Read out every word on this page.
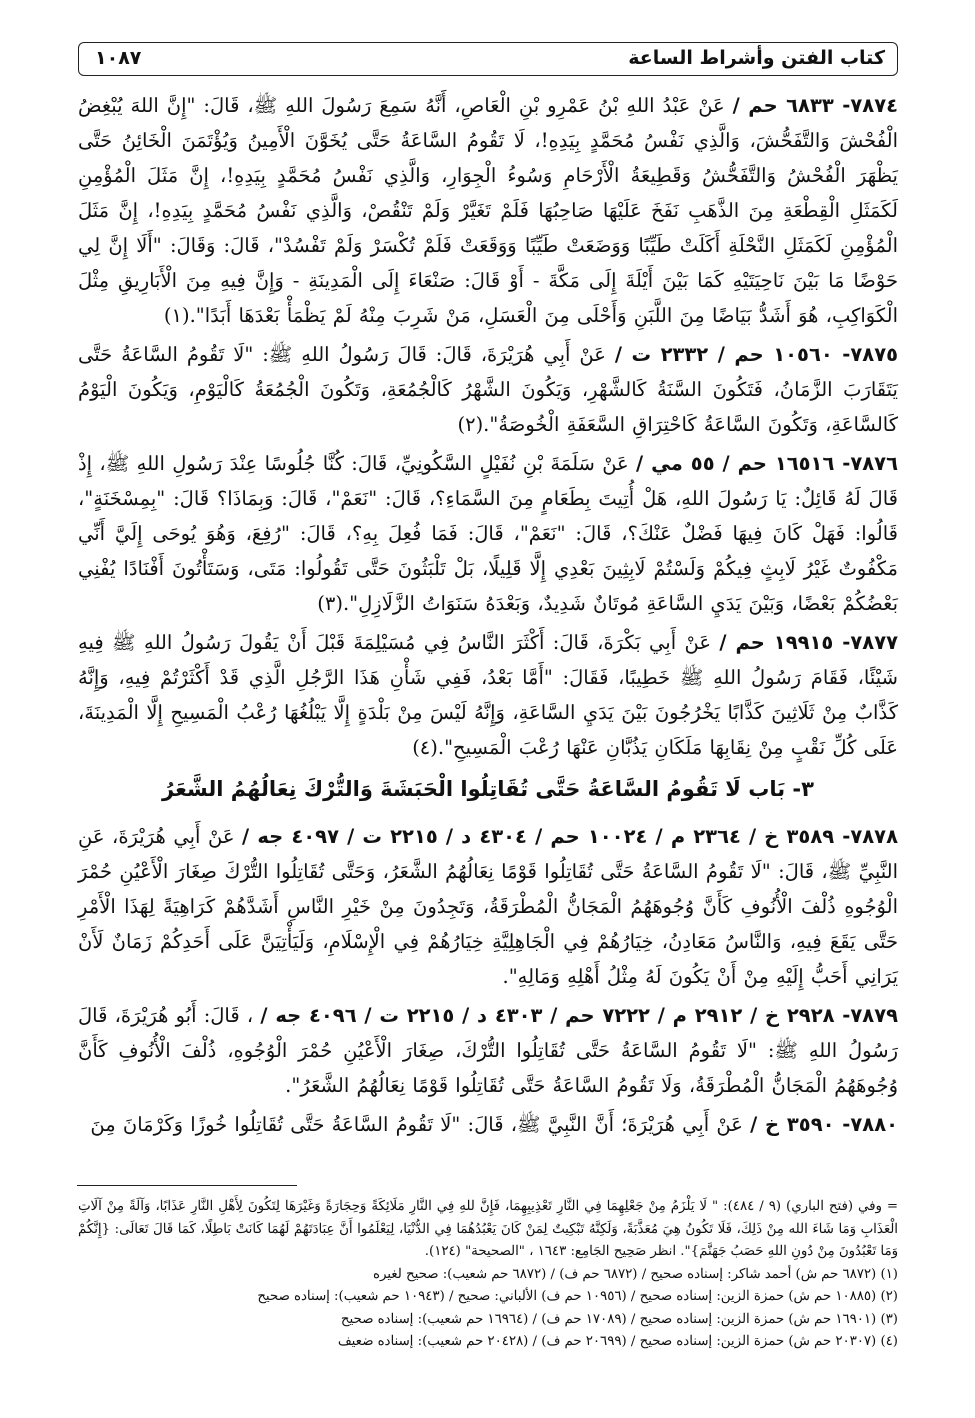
كتاب الفتن وأشراط الساعة
١٠٨٧

٧٨٧٤- ٦٨٣٣ حم / عَنْ عَبْدُ اللهِ بْنُ عَمْرِو بْنِ الْعَاصِ، أَنَّهُ سَمِعَ رَسُولَ اللهِ ﷺ، قَالَ: "إِنَّ اللهَ يُبْغِضُ الْفُحْشَ وَالتَّفَحُّشَ، وَالَّذِي نَفْسُ مُحَمَّدٍ بِيَدِهِ!، لَا تَقُومُ السَّاعَةُ حَتَّى يُخَوَّنَ الْأَمِينُ وَيُؤْتَمَنَ الْخَائِنُ حَتَّى يَظْهَرَ الْفُحْشُ وَالتَّفَحُّشُ وَقَطِيعَةُ الْأَرْحَامِ وَسُوءُ الْجِوَارِ، وَالَّذِي نَفْسُ مُحَمَّدٍ بِيَدِهِ!، إِنَّ مَثَلَ الْمُؤْمِنِ لَكَمَثَلِ الْقِطْعَةِ مِنَ الذَّهَبِ نَفَخَ عَلَيْهَا صَاحِبُهَا فَلَمْ تَغَيَّرْ وَلَمْ تَنْقُصْ، وَالَّذِي نَفْسُ مُحَمَّدٍ بِيَدِهِ!، إِنَّ مَثَلَ الْمُؤْمِنِ لَكَمَثَلِ النَّحْلَةِ أَكَلَتْ طَيِّبًا وَوَضَعَتْ طَيِّبًا وَوَقَعَتْ فَلَمْ تُكْسَرْ وَلَمْ تَفْسُدْ"، قَالَ: وَقَالَ: "أَلَا إِنَّ لِي حَوْضًا مَا بَيْنَ نَاحِيَتَيْهِ كَمَا بَيْنَ أَيْلَةَ إِلَى مَكَّةَ - أَوْ قَالَ: صَنْعَاءَ إِلَى الْمَدِينَةِ - وَإِنَّ فِيهِ مِنَ الْأَبَارِيقِ مِثْلَ الْكَوَاكِبِ، هُوَ أَشَدُّ بَيَاضًا مِنَ اللَّبَنِ وَأَحْلَى مِنَ الْعَسَلِ، مَنْ شَرِبَ مِنْهُ لَمْ يَظْمَأْ بَعْدَهَا أَبَدًا".(١)

٧٨٧٥- ١٠٥٦٠ حم / ٢٣٣٢ ت / عَنْ أَبِي هُرَيْرَةَ، قَالَ: قَالَ رَسُولُ اللهِ ﷺ: "لَا تَقُومُ السَّاعَةُ حَتَّى يَتَقَارَبَ الزَّمَانُ، فَتَكُونَ السَّنَةُ كَالشَّهْرِ، وَيَكُونَ الشَّهْرُ كَالْجُمُعَةِ، وَتَكُونَ الْجُمُعَةُ كَالْيَوْمِ، وَيَكُونَ الْيَوْمُ كَالسَّاعَةِ، وَتَكُونَ السَّاعَةُ كَاحْتِرَاقِ السَّعَفَةِ الْخُوصَةُ".(٢)

٧٨٧٦- ١٦٥١٦ حم / ٥٥ مي / عَنْ سَلَمَةَ بْنِ نُفَيْلٍ السَّكُونِيِّ، قَالَ: كُنَّا جُلُوسًا عِنْدَ رَسُولِ اللهِ ﷺ، إِذْ قَالَ لَهُ قَائِلٌ: يَا رَسُولَ اللهِ، هَلْ أُتِيتَ بِطَعَامٍ مِنَ السَّمَاءِ؟، قَالَ: "نَعَمْ"، قَالَ: وَبِمَاذَا؟ قَالَ: "بِمِسْخَنَةٍ"، قَالُوا: فَهَلْ كَانَ فِيهَا فَضْلٌ عَنْكَ؟، قَالَ: "نَعَمْ"، قَالَ: فَمَا فُعِلَ بِهِ؟، قَالَ: "رُفِعَ، وَهُوَ يُوحَى إِلَيَّ أَنِّي مَكْفُوتٌ غَيْرُ لَابِثٍ فِيكُمْ وَلَسْتُمْ لَابِثِينَ بَعْدِي إِلَّا قَلِيلًا، بَلْ تَلْبَثُونَ حَتَّى تَقُولُوا: مَتَى، وَسَتَأْتُونَ أَفْنَادًا يُفْنِي بَعْضُكُمْ بَعْضًا، وَبَيْنَ يَدَيِ السَّاعَةِ مُوتَانٌ شَدِيدٌ، وَبَعْدَهُ سَنَوَاتُ الزَّلَازِلِ".(٣)

٧٨٧٧- ١٩٩١٥ حم / عَنْ أَبِي بَكْرَةَ، قَالَ: أَكْثَرَ النَّاسُ فِي مُسَيْلِمَةَ قَبْلَ أَنْ يَقُولَ رَسُولُ اللهِ ﷺ فِيهِ شَيْئًا، فَقَامَ رَسُولُ اللهِ ﷺ خَطِيبًا، فَقَالَ: "أَمَّا بَعْدُ، فَفِي شَأْنِ هَذَا الرَّجُلِ الَّذِي قَدْ أَكْثَرْتُمْ فِيهِ، وَإِنَّهُ كَذَّابٌ مِنْ ثَلَاثِينَ كَذَّابًا يَخْرُجُونَ بَيْنَ يَدَيِ السَّاعَةِ، وَإِنَّهُ لَيْسَ مِنْ بَلْدَةٍ إِلَّا يَبْلُغُهَا رُعْبُ الْمَسِيحِ إِلَّا الْمَدِينَةَ، عَلَى كُلِّ نَقْبٍ مِنْ نِقَابِهَا مَلَكَانِ يَذُبَّانِ عَنْهَا رُعْبَ الْمَسِيحِ".(٤)

٣- بَاب لَا تَقُومُ السَّاعَةُ حَتَّى تُقَاتِلُوا الْحَبَشَةَ وَالتُّرْكَ نِعَالُهُمُ الشَّعَرُ

٧٨٧٨- ٣٥٨٩ خ / ٢٣٦٤ م / ١٠٠٢٤ حم / ٤٣٠٤ د / ٢٢١٥ ت / ٤٠٩٧ جه / عَنْ أَبِي هُرَيْرَةَ، عَنِ النَّبِيِّ ﷺ، قَالَ: "لَا تَقُومُ السَّاعَةُ حَتَّى تُقَاتِلُوا قَوْمًا نِعَالُهُمُ الشَّعَرُ، وَحَتَّى تُقَاتِلُوا التُّرْكَ صِغَارَ الْأَعْيُنِ حُمْرَ الْوُجُوهِ ذُلْفَ الْأُنُوفِ كَأَنَّ وُجُوهَهُمُ الْمَجَانُّ الْمُطْرَقَةُ، وَتَجِدُونَ مِنْ خَيْرِ النَّاسِ أَشَدَّهُمْ كَرَاهِيَةً لِهَذَا الْأَمْرِ حَتَّى يَقَعَ فِيهِ، وَالنَّاسُ مَعَادِنُ، خِيَارُهُمْ فِي الْجَاهِلِيَّةِ خِيَارُهُمْ فِي الْإِسْلَامِ، وَلَيَأْتِيَنَّ عَلَى أَحَدِكُمْ زَمَانٌ لَأَنْ يَرَانِي أَحَبُّ إِلَيْهِ مِنْ أَنْ يَكُونَ لَهُ مِثْلُ أَهْلِهِ وَمَالِهِ".

٧٨٧٩- ٢٩٢٨ خ / ٢٩١٢ م / ٧٢٢٢ حم / ٤٣٠٣ د / ٢٢١٥ ت / ٤٠٩٦ جه / ، قَالَ: أَبُو هُرَيْرَةَ، قَالَ رَسُولُ اللهِ ﷺ: "لَا تَقُومُ السَّاعَةُ حَتَّى تُقَاتِلُوا التُّرْكَ، صِغَارَ الْأَعْيُنِ حُمْرَ الْوُجُوهِ، ذُلْفَ الْأُنُوفِ كَأَنَّ وُجُوهَهُمُ الْمَجَانُّ الْمُطْرَقَةُ، وَلَا تَقُومُ السَّاعَةُ حَتَّى تُقَاتِلُوا قَوْمًا نِعَالُهُمُ الشَّعَرُ".

٧٨٨٠- ٣٥٩٠ خ / عَنْ أَبِي هُرَيْرَةَ؛ أَنَّ النَّبِيَّ ﷺ، قَالَ: "لَا تَقُومُ السَّاعَةُ حَتَّى تُقَاتِلُوا خُوزًا وَكَرْمَانَ مِنَ

= وفي (فتح الباري) (٩ / ٤٨٤): " لَا يَلْزَمُ مِنْ جَعْلِهِمَا فِي النَّارِ تَعْذِيبِهِمَا، فَإِنَّ للهِ فِي النَّارِ مَلَائِكَةً وَحِجَارَةً وَغَيْرَهَا لِتَكُونَ لِأَهْلِ النَّارِ عَذَابًا، وَآلَةً مِنْ آلَاتِ الْعَذَابِ وَمَا شَاءَ الله مِنْ ذَلِكَ، فَلَا تَكُونُ هِيَ مُعَذَّبَةً، وَلَكِنَّهُ تَبْكِيتٌ لِمَنْ كَانَ يَعْبُدُهُمَا فِي الدُّنْيَا، لِيَعْلَمُوا أَنَّ عِبَادَتَهُمْ لَهُمَا كَانَتْ بَاطِلًا، كَمَا قَالَ تَعَالَى: {إِنَّكُمْ وَمَا تَعْبُدُونَ مِنْ دُونِ اللهِ حَصَبُ جَهَنَّمَ}". انظر صَحِيح الجَامِع: ١٦٤٣ ، "الصحيحة" (١٢٤).

(١) (٦٨٧٢ حم ش) أحمد شاكر: إسناده صحيح / (٦٨٧٢ حم ف) / (٦٨٧٢ حم شعيب): صحيح لغيره

(٢) (١٠٨٨٥ حم ش) حمزة الزين: إسناده صحيح / (١٠٩٥٦ حم ف) الألباني: صحيح / (١٠٩٤٣ حم شعيب): إسناده صحيح

(٣) (١٦٩٠١ حم ش) حمزة الزين: إسناده صحيح / (١٧٠٨٩ حم ف) / (١٦٩٦٤ حم شعيب): إسناده صحيح

(٤) (٢٠٣٠٧ حم ش) حمزة الزين: إسناده صحيح / (٢٠٦٩٩ حم ف) / (٢٠٤٢٨ حم شعيب): إسناده ضعيف
